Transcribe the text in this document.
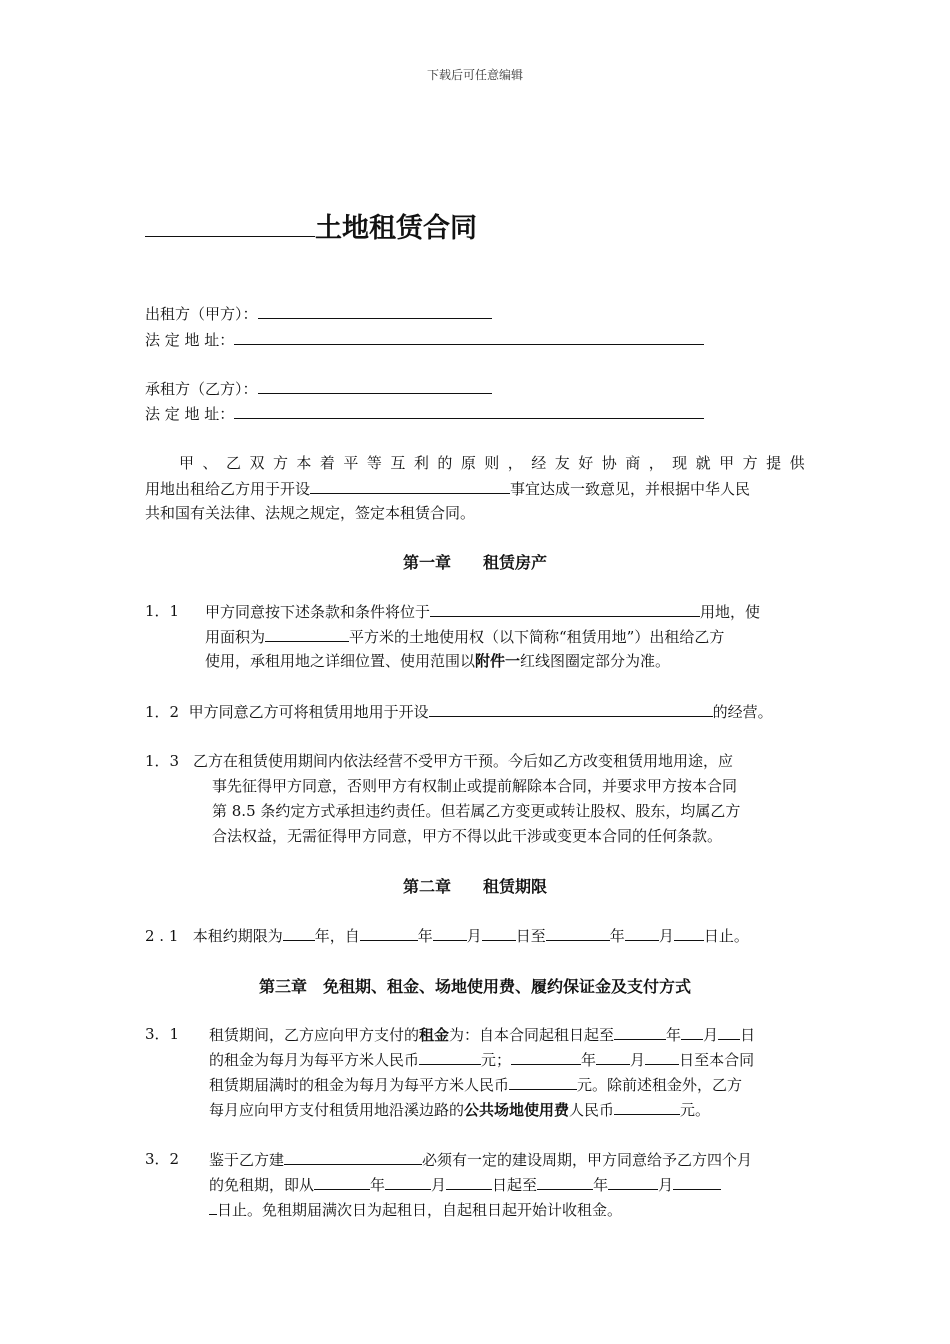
下载后可任意编辑
土地租赁合同
出租方（甲方）：
法 定 地 址：
承租方（乙方）：
法 定 地 址：
甲 、 乙 双 方 本 着 平 等 互 利 的 原 则 ， 经 友 好 协 商 ， 现 就 甲 方 提 供
用地出租给乙方用于开设	事宜达成一致意见，并根据中华人民
共和国有关法律、法规之规定，签定本租赁合同。
第一章　　租赁房产
1．1 甲方同意按下述条款和条件将位于	用地，使
用面积为	平方米的土地使用权（以下简称“租赁用地”）出租给乙方
使用，承租用地之详细位置、使用范围以附件一红线图圈定部分为准。
1．2 甲方同意乙方可将租赁用地用于开设	的经营。
1．3 乙方在租赁使用期间内依法经营不受甲方干预。今后如乙方改变租赁用地用途，应
事先征得甲方同意，否则甲方有权制止或提前解除本合同，并要求甲方按本合同
第 8.5 条约定方式承担违约责任。但若属乙方变更或转让股权、股东，均属乙方
合法权益，无需征得甲方同意，甲方不得以此干涉或变更本合同的任何条款。
第二章　　租赁期限
2 . 1 本租约期限为 年，自	年 月 日至	年 月 日止。
第三章　免租期、租金、场地使用费、履约保证金及支付方式
3．1 租赁期间，乙方应向甲方支付的租金为：自本合同起租日起至	年 月 日
的租金为每月为每平方米人民币	元；	年 月 日至本合同
租赁期届满时的租金为每月为每平方米人民币	元。除前述租金外，乙方
每月应向甲方支付租赁用地沿溪边路的公共场地使用费人民币	元。
3．2 鉴于乙方建	必须有一定的建设周期，甲方同意给予乙方四个月
的免租期，即从	年	月	日起至	年	月
日止。免租期届满次日为起租日，自起租日起开始计收租金。
